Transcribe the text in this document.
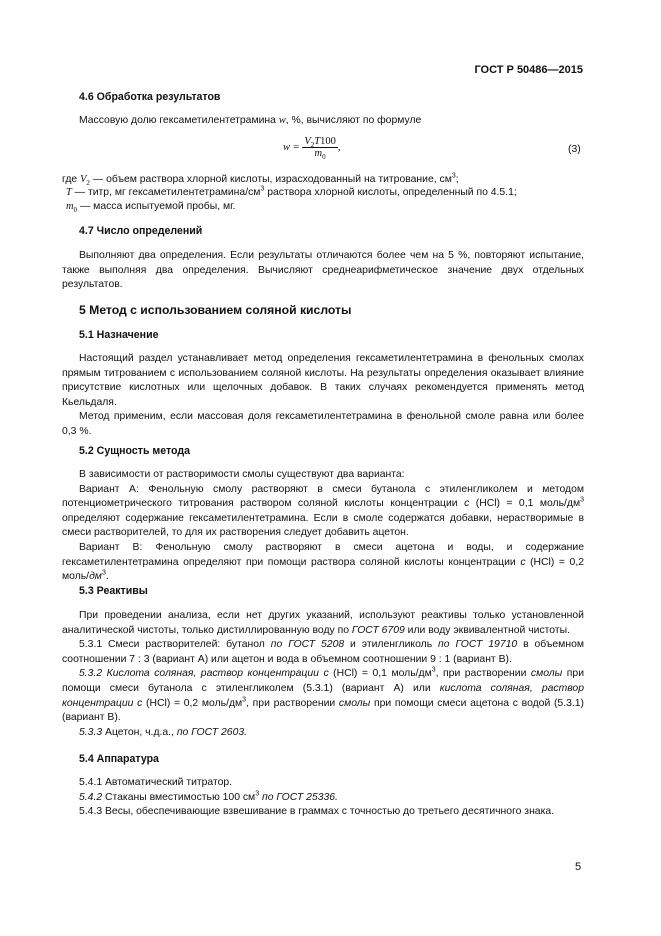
ГОСТ Р 50486—2015
4.6 Обработка результатов
Массовую долю гексаметилентетрамина w, %, вычисляют по формуле
$w = \frac{V_2T100}{m_0}$ ,	(3)
где $V_2$ — объем раствора хлорной кислоты, израсходованный на титрование, $см^3$;
T — титр, мг гексаметилентетрамина/$см^3$ раствора хлорной кислоты, определенный по 4.5.1;
$m_0$ — масса испытуемой пробы, мг.
4.7 Число определений

Выполняют два определения. Если результаты отличаются более чем на 5 %, повторяют испытание, также выполняя два определения. Вычисляют среднеарифметическое значение двух отдельных результатов.

5 Метод с использованием соляной кислоты
5.1 Назначение

Настоящий раздел устанавливает метод определения гексаметилентетрамина в фенольных смолах прямым титрованием с использованием соляной кислоты. На результаты определения оказывает влияние присутствие кислотных или щелочных добавок. В таких случаях рекомендуется применять метод Кьельдаля.

Метод применим, если массовая доля гексаметилентетрамина в фенольной смоле равна или более 0,3 %.

5.2 Сущность метода

В зависимости от растворимости смолы существуют два варианта:

Вариант А: Фенольную смолу растворяют в смеси бутанола с этиленгликолем и методом потенциометрического титрования раствором соляной кислоты концентрации с (HCl) = 0,1 моль/$дм^3$ определяют содержание гексаметилентетрамина. Если в смоле содержатся добавки, нерастворимые в смеси растворителей, то для их растворения следует добавить ацетон.

Вариант В: Фенольную смолу растворяют в смеси ацетона и воды, и содержание гексаметилентетрамина определяют при помощи раствора соляной кислоты концентрации с (HCl) = 0,2 моль/$дм^3$.

5.3 Реактивы

При проведении анализа, если нет других указаний, используют реактивы только установленной аналитической чистоты, только дистиллированную воду по ГОСТ 6709 или воду эквивалентной чистоты.

5.3.1 Смеси растворителей: бутанол по ГОСТ 5208 и этиленгликоль по ГОСТ 19710 в объемном соотношении 7 : 3 (вариант А) или ацетон и вода в объемном соотношении 9 : 1 (вариант В).

5.3.2 Кислота соляная, раствор концентрации с (HCl) = 0,1 моль/$дм^3$, при растворении смолы при помощи смеси бутанола с этиленгликолем (5.3.1) (вариант А) или кислота соляная, раствор концентрации с (HCl) = 0,2 моль/$дм^3$, при растворении смолы при помощи смеси ацетона с водой (5.3.1) (вариант В).

5.3.3 Ацетон, ч.д.а., по ГОСТ 2603.

5.4 Аппаратура

5.4.1 Автоматический титратор.

5.4.2 Стаканы вместимостью 100 $см^3$ по ГОСТ 25336.

5.4.3 Весы, обеспечивающие взвешивание в граммах с точностью до третьего десятичного знака.

5
